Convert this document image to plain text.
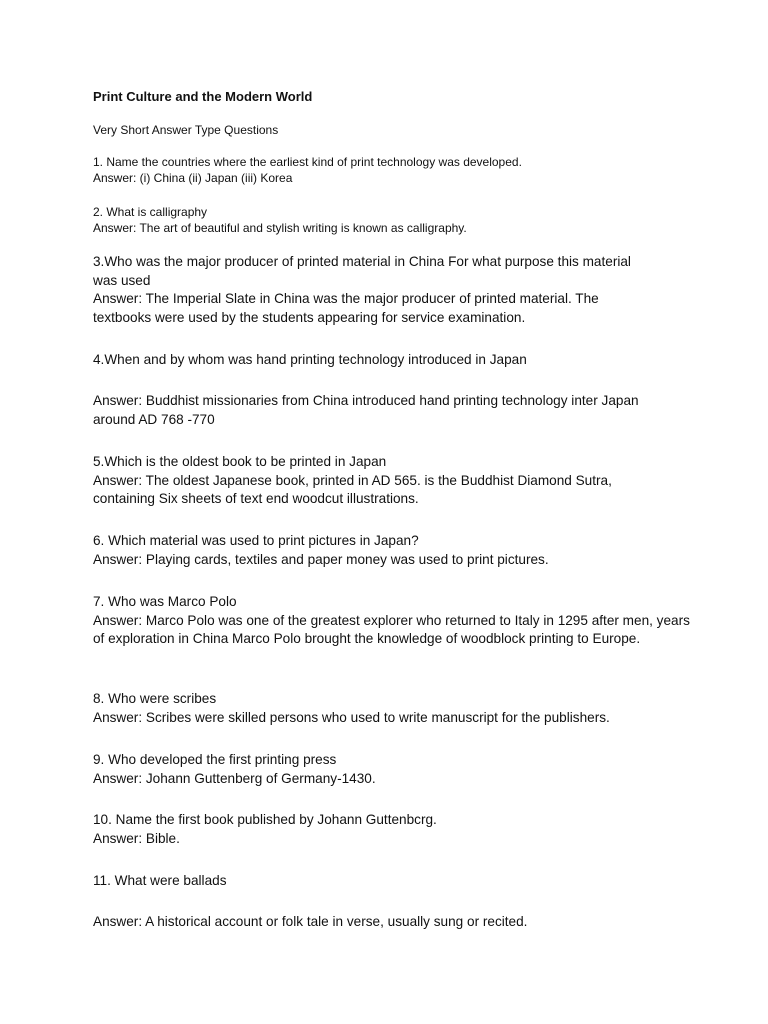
Print Culture and the Modern World
Very Short Answer Type Questions
1. Name the countries where the earliest kind of print technology was developed.
Answer: (i) China (ii) Japan (iii) Korea
2. What is calligraphy
Answer: The art of beautiful and stylish writing is known as calligraphy.
3.Who was the major producer of printed material in China For what purpose this material was used
Answer: The Imperial Slate in China was the major producer of printed material. The textbooks were used by the students appearing for service examination.
4.When and by whom was hand printing technology introduced in Japan
Answer: Buddhist missionaries from China introduced hand printing technology inter Japan around AD 768 -770
5.Which is the oldest book to be printed in Japan
Answer: The oldest Japanese book, printed in AD 565. is the Buddhist Diamond Sutra, containing Six sheets of text end woodcut illustrations.
6. Which material was used to print pictures in Japan?
Answer: Playing cards, textiles and paper money was used to print pictures.
7. Who was Marco Polo
Answer: Marco Polo was one of the greatest explorer who returned to Italy in 1295 after men, years of exploration in China Marco Polo brought the knowledge of woodblock printing to Europe.
8. Who were scribes
Answer: Scribes were skilled persons who used to write manuscript for the publishers.
9. Who developed the first printing press
Answer: Johann Guttenberg of Germany-1430.
10. Name the first book published by Johann Guttenbcrg.
Answer: Bible.
11. What were ballads
Answer: A historical account or folk tale in verse, usually sung or recited.
